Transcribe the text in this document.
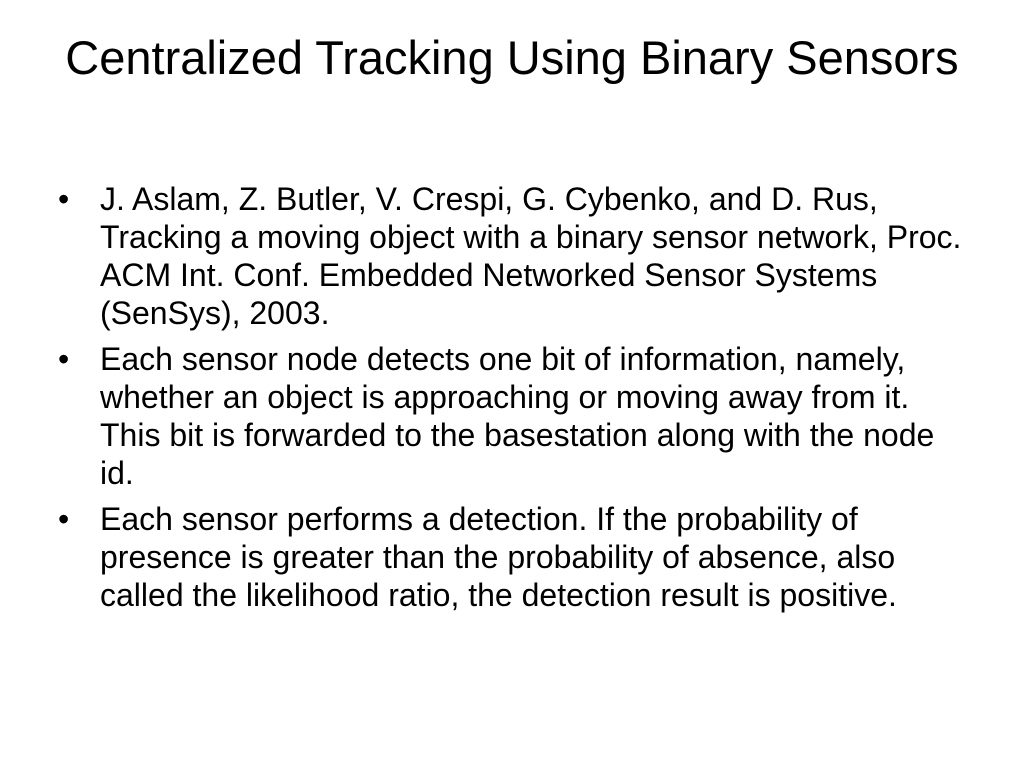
Centralized Tracking Using Binary Sensors
• J. Aslam, Z. Butler, V. Crespi, G. Cybenko, and D. Rus, Tracking a moving object with a binary sensor network, Proc. ACM Int. Conf. Embedded Networked Sensor Systems (SenSys), 2003.
• Each sensor node detects one bit of information, namely, whether an object is approaching or moving away from it. This bit is forwarded to the basestation along with the node id.
• Each sensor performs a detection. If the probability of presence is greater than the probability of absence, also called the likelihood ratio, the detection result is positive.
